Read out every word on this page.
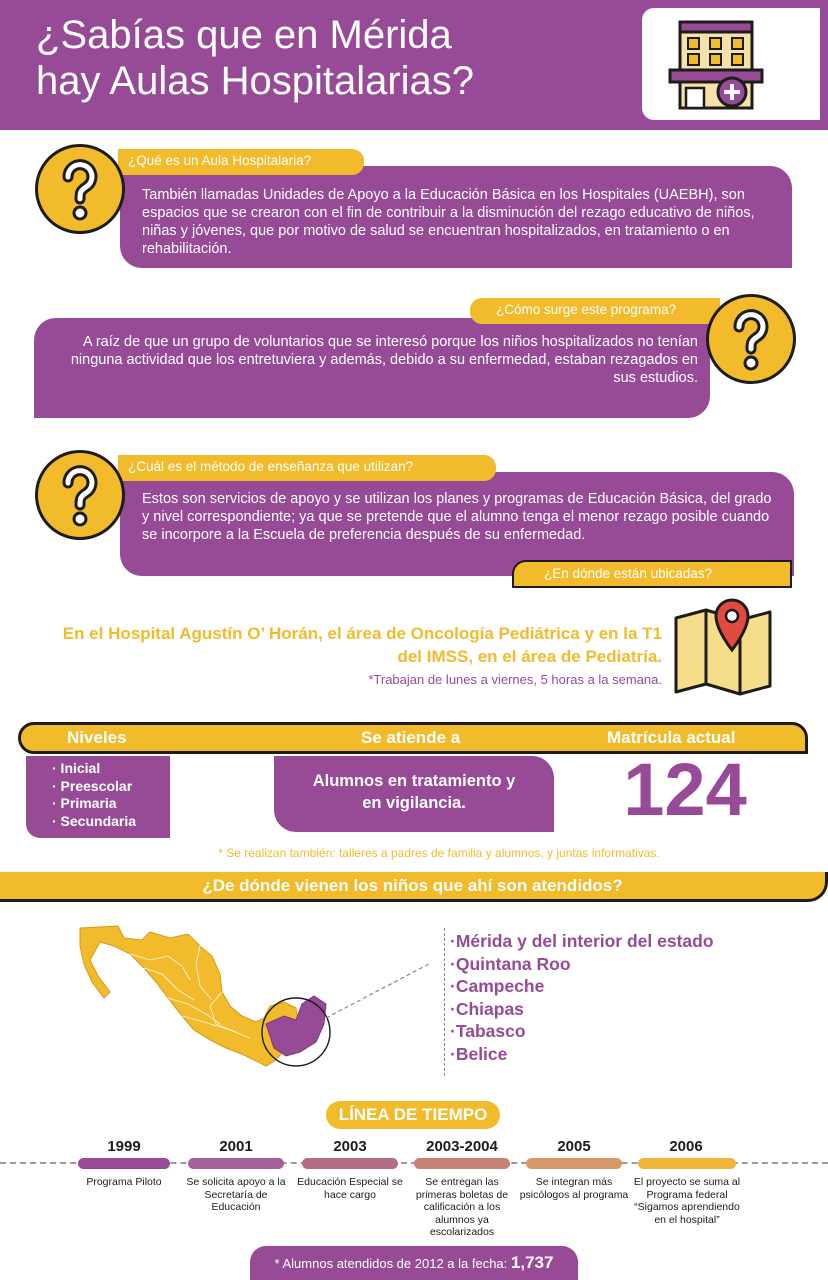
¿Sabías que en Mérida
hay Aulas Hospitalarias?
También llamadas Unidades de Apoyo a la Educación Básica en los Hospitales (UAEBH), son espacios que se crearon con el fin de contribuir a la disminución del rezago educativo de niños, niñas y jóvenes, que por motivo de salud se encuentran hospitalizados, en tratamiento o en rehabilitación.
¿Qué es un Aula Hospitalaria?
A raíz de que un grupo de voluntarios que se interesó porque los niños hospitalizados no tenían ninguna actividad que los entretuviera y además, debido a su enfermedad, estaban rezagados en sus estudios.
¿Cómo surge este programa?
Estos son servicios de apoyo y se utilizan los planes y programas de Educación Básica, del grado y nivel correspondiente; ya que se pretende que el alumno tenga el menor rezago posible cuando se incorpore a la Escuela de preferencia después de su enfermedad.
¿Cuál es el método de enseñanza que utilizan?
¿En dónde están ubicadas?
En el Hospital Agustín O’ Horán, el área de Oncología Pediátrica y en la T1 del IMSS, en el área de Pediatría.
*Trabajan de lunes a viernes, 5 horas a la semana.
Niveles	Se atiende a	Matrícula actual
· Inicial
· Preescolar
· Primaria
· Secundaria
Alumnos en tratamiento y en vigilancia.	124
* Se realizan también: talleres a padres de familia y alumnos, y juntas informativas.
¿De dónde vienen los niños que ahí son atendidos?
·Mérida y del interior del estado
·Quintana Roo
·Campeche
·Chiapas
·Tabasco
·Belice
LÍNEA DE TIEMPO
1999
Programa Piloto
2001
Se solicita apoyo a la Secretaría de Educación
2003
Educación Especial se hace cargo
2003-2004
Se entregan las primeras boletas de calificación a los alumnos ya escolarizados
2005
Se integran más psicólogos al programa
2006
El proyecto se suma al Programa federal “Sigamos aprendiendo en el hospital”
* Alumnos atendidos de 2012 a la fecha: 1,737
